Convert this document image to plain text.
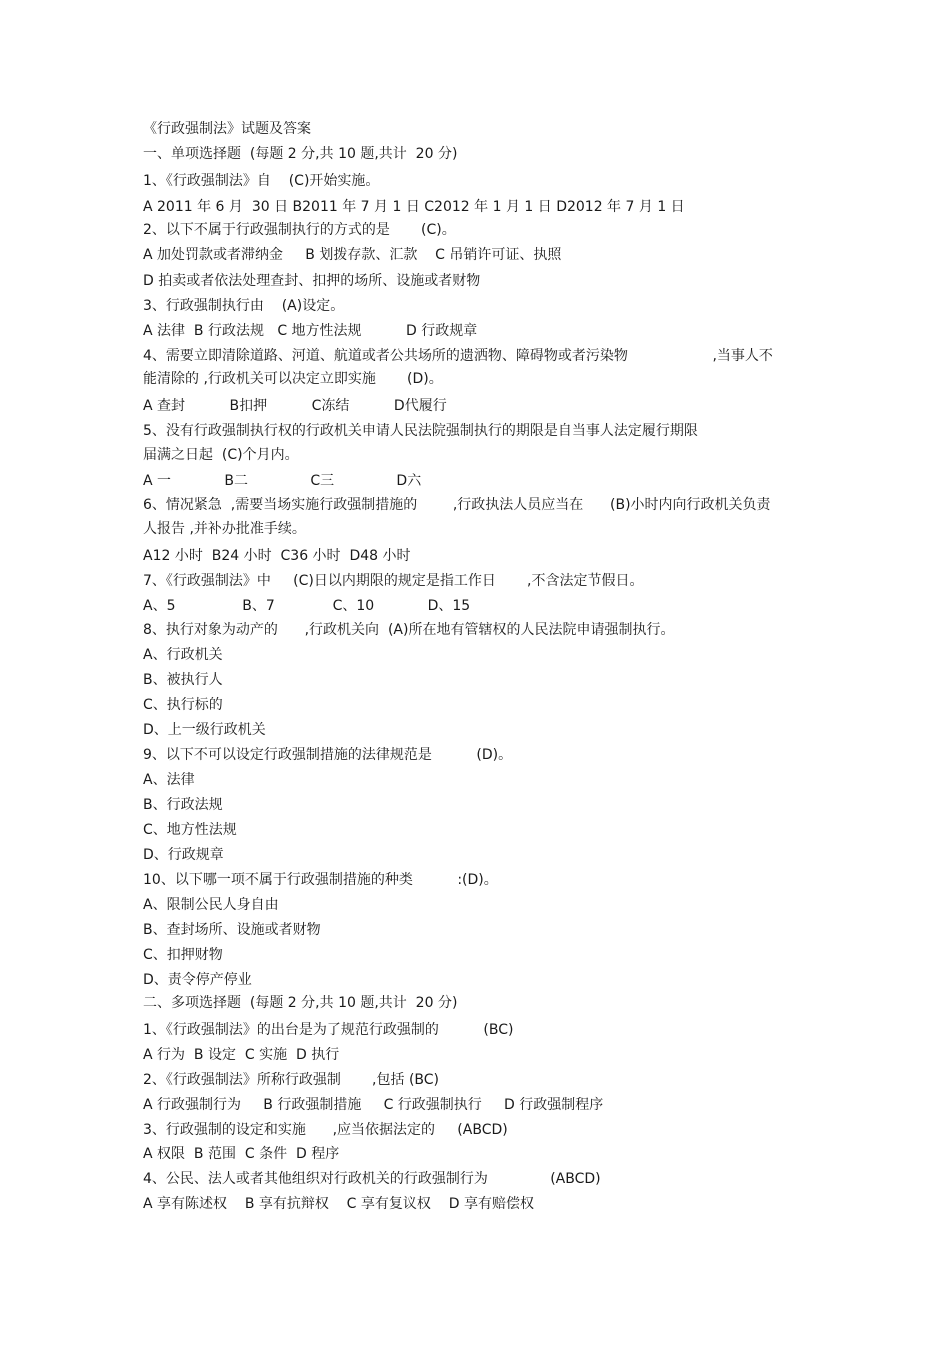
《行政强制法》试题及答案
一、单项选择题  (每题 2 分,共 10 题,共计  20 分)
1、《行政强制法》自    (C)开始实施。
A 2011 年 6 月  30 日 B2011 年 7 月 1 日 C2012 年 1 月 1 日 D2012 年 7 月 1 日
2、以下不属于行政强制执行的方式的是       (C)。
A 加处罚款或者滞纳金     B 划拨存款、汇款    C 吊销许可证、执照
D 拍卖或者依法处理查封、扣押的场所、设施或者财物
3、行政强制执行由    (A)设定。
A 法律  B 行政法规   C 地方性法规          D 行政规章
4、需要立即清除道路、河道、航道或者公共场所的遗洒物、障碍物或者污染物                   ,当事人不
能清除的 ,行政机关可以决定立即实施       (D)。
A 查封          B扣押          C冻结          D代履行
5、没有行政强制执行权的行政机关申请人民法院强制执行的期限是自当事人法定履行期限
届满之日起  (C)个月内。
A 一            B二              C三              D六
6、情况紧急  ,需要当场实施行政强制措施的        ,行政执法人员应当在      (B)小时内向行政机关负责
人报告 ,并补办批准手续。
A12 小时  B24 小时  C36 小时  D48 小时
7、《行政强制法》中     (C)日以内期限的规定是指工作日       ,不含法定节假日。
A、5               B、7             C、10            D、15
8、执行对象为动产的      ,行政机关向  (A)所在地有管辖权的人民法院申请强制执行。
A、行政机关
B、被执行人
C、执行标的
D、上一级行政机关
9、以下不可以设定行政强制措施的法律规范是          (D)。
A、法律
B、行政法规
C、地方性法规
D、行政规章
10、以下哪一项不属于行政强制措施的种类          :(D)。
A、限制公民人身自由
B、查封场所、设施或者财物
C、扣押财物
D、责令停产停业
二、多项选择题  (每题 2 分,共 10 题,共计  20 分)
1、《行政强制法》的出台是为了规范行政强制的          (BC)
A 行为  B 设定  C 实施  D 执行
2、《行政强制法》所称行政强制       ,包括 (BC)
A 行政强制行为     B 行政强制措施     C 行政强制执行     D 行政强制程序
3、行政强制的设定和实施      ,应当依据法定的     (ABCD)
A 权限  B 范围  C 条件  D 程序
4、公民、法人或者其他组织对行政机关的行政强制行为              (ABCD)
A 享有陈述权    B 享有抗辩权    C 享有复议权    D 享有赔偿权
